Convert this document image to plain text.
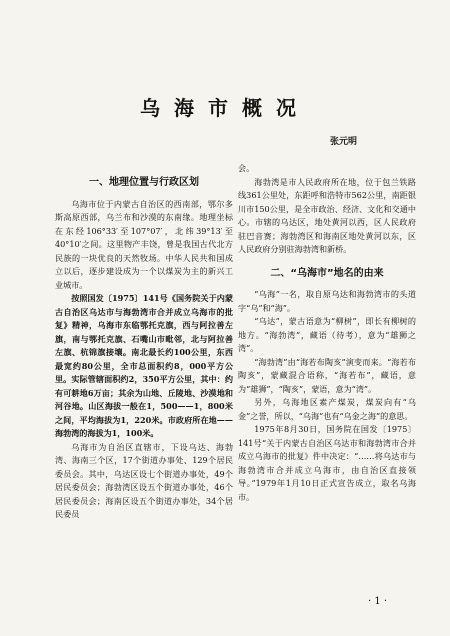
乌海市概况
张元明
一、地理位置与行政区划

乌海市位于内蒙古自治区的西南部，鄂尔多斯高原西部，乌兰布和沙漠的东南缘。地理坐标在东经106°33′至107°07′，北纬39°13′至40°10′之间。这里物产丰饶，曾是我国古代北方民族的一块优良的天然牧场。中华人民共和国成立以后，逐步建设成为一个以煤炭为主的新兴工业城市。

按照国发〔1975〕141号《国务院关于内蒙古自治区乌达市与海勃湾市合并成立乌海市的批复》精神，乌海市东临鄂托克旗，西与阿拉善左旗，南与鄂托克旗、石嘴山市毗邻，北与阿拉善左旗、杭锦旗接壤。南北最长约100公里，东西最宽约80公里，全市总面积约8，000平方公里。实际管辖面积约2，350平方公里，其中：约有可耕地6万亩；其余为山地、丘陵地、沙漠地和河谷地。山区海拔一般在1，500——1，800米之间，平均海拔为1，220米。市政府所在地——海勃湾的海拔为1，100米。

乌海市为自治区直辖市，下设乌达、海勃湾、海南三个区，17个街道办事处、129个居民委员会。其中，乌达区设七个街道办事处，49个居民委员会；海勃湾区设五个街道办事处，46个居民委员会；海南区设五个街道办事处，34个居民委员

会。

海勃湾是市人民政府所在地，位于包兰铁路线361公里处，东距呼和浩特市562公里，南距银川市150公里，是全市政治、经济、文化和交通中心。市辖的乌达区，地处黄河以西，区人民政府驻巴音赛；海勃湾区和海南区地处黄河以东，区人民政府分别驻海勃湾和新桥。

二、“乌海市”地名的由来

“乌海”一名，取自原乌达和海勃湾市的头道字“乌”和“海”。

“乌达”，蒙古语意为“柳树”，即长有柳树的地方。“海勃湾”，藏语（待考），意为“雄狮之湾”。

“海勃湾”由“海若布陶亥”演变而来。“海若布陶亥”，蒙藏混合语称，“海若布”，藏语，意为“雄狮”，“陶亥”，蒙语，意为“湾”。

另外，乌海地区素产煤炭，煤炭向有“乌金”之誉，所以，“乌海”也有“乌金之海”的意思。

1975年8月30日，国务院在国发〔1975〕141号“关于内蒙古自治区乌达市和海勃湾市合并成立乌海市的批复》件中决定：“……将乌达市与海勃湾市合并成立乌海市，由自治区直接领导。”1979年1月10日正式宣告成立，取名乌海市。

· 1 ·
